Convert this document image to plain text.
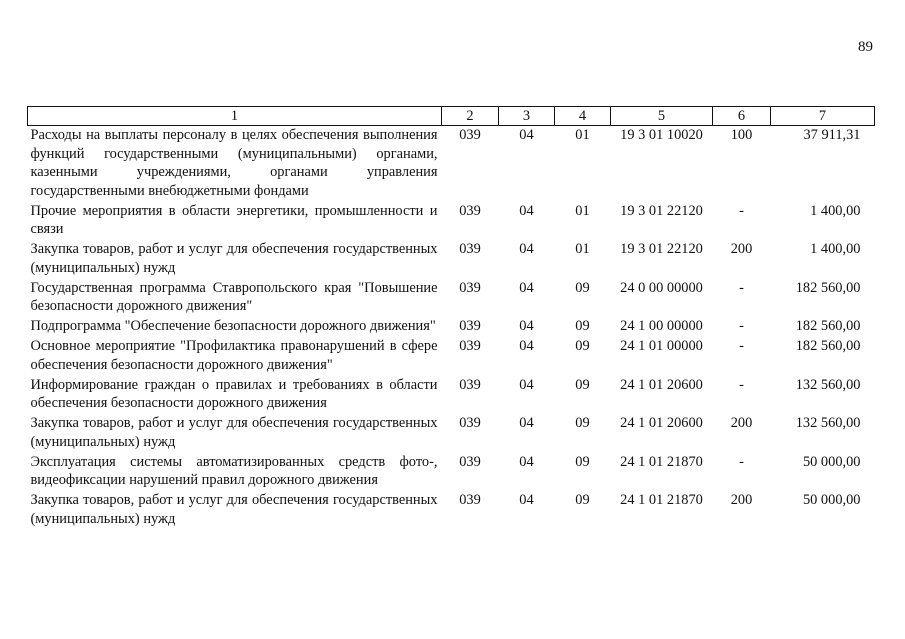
89
1	2	3	4	5	6	7
Расходы на выплаты персоналу в целях обеспечения выполнения функций государственными (муниципальными) органами, казенными учреждениями, органами управления государственными внебюджетными фондами	039	04	01	19 3 01 10020	100	37 911,31
Прочие мероприятия в области энергетики, промышленности и связи	039	04	01	19 3 01 22120	-	1 400,00
Закупка товаров, работ и услуг для обеспечения государственных (муниципальных) нужд	039	04	01	19 3 01 22120	200	1 400,00
Государственная программа Ставропольского края "Повышение безопасности дорожного движения"	039	04	09	24 0 00 00000	-	182 560,00
Подпрограмма "Обеспечение безопасности дорожного движения"	039	04	09	24 1 00 00000	-	182 560,00
Основное мероприятие "Профилактика правонарушений в сфере обеспечения безопасности дорожного движения"	039	04	09	24 1 01 00000	-	182 560,00
Информирование граждан о правилах и требованиях в области обеспечения безопасности дорожного движения	039	04	09	24 1 01 20600	-	132 560,00
Закупка товаров, работ и услуг для обеспечения государственных (муниципальных) нужд	039	04	09	24 1 01 20600	200	132 560,00
Эксплуатация системы автоматизированных средств фото-, видеофиксации нарушений правил дорожного движения	039	04	09	24 1 01 21870	-	50 000,00
Закупка товаров, работ и услуг для обеспечения государственных (муниципальных) нужд	039	04	09	24 1 01 21870	200	50 000,00
